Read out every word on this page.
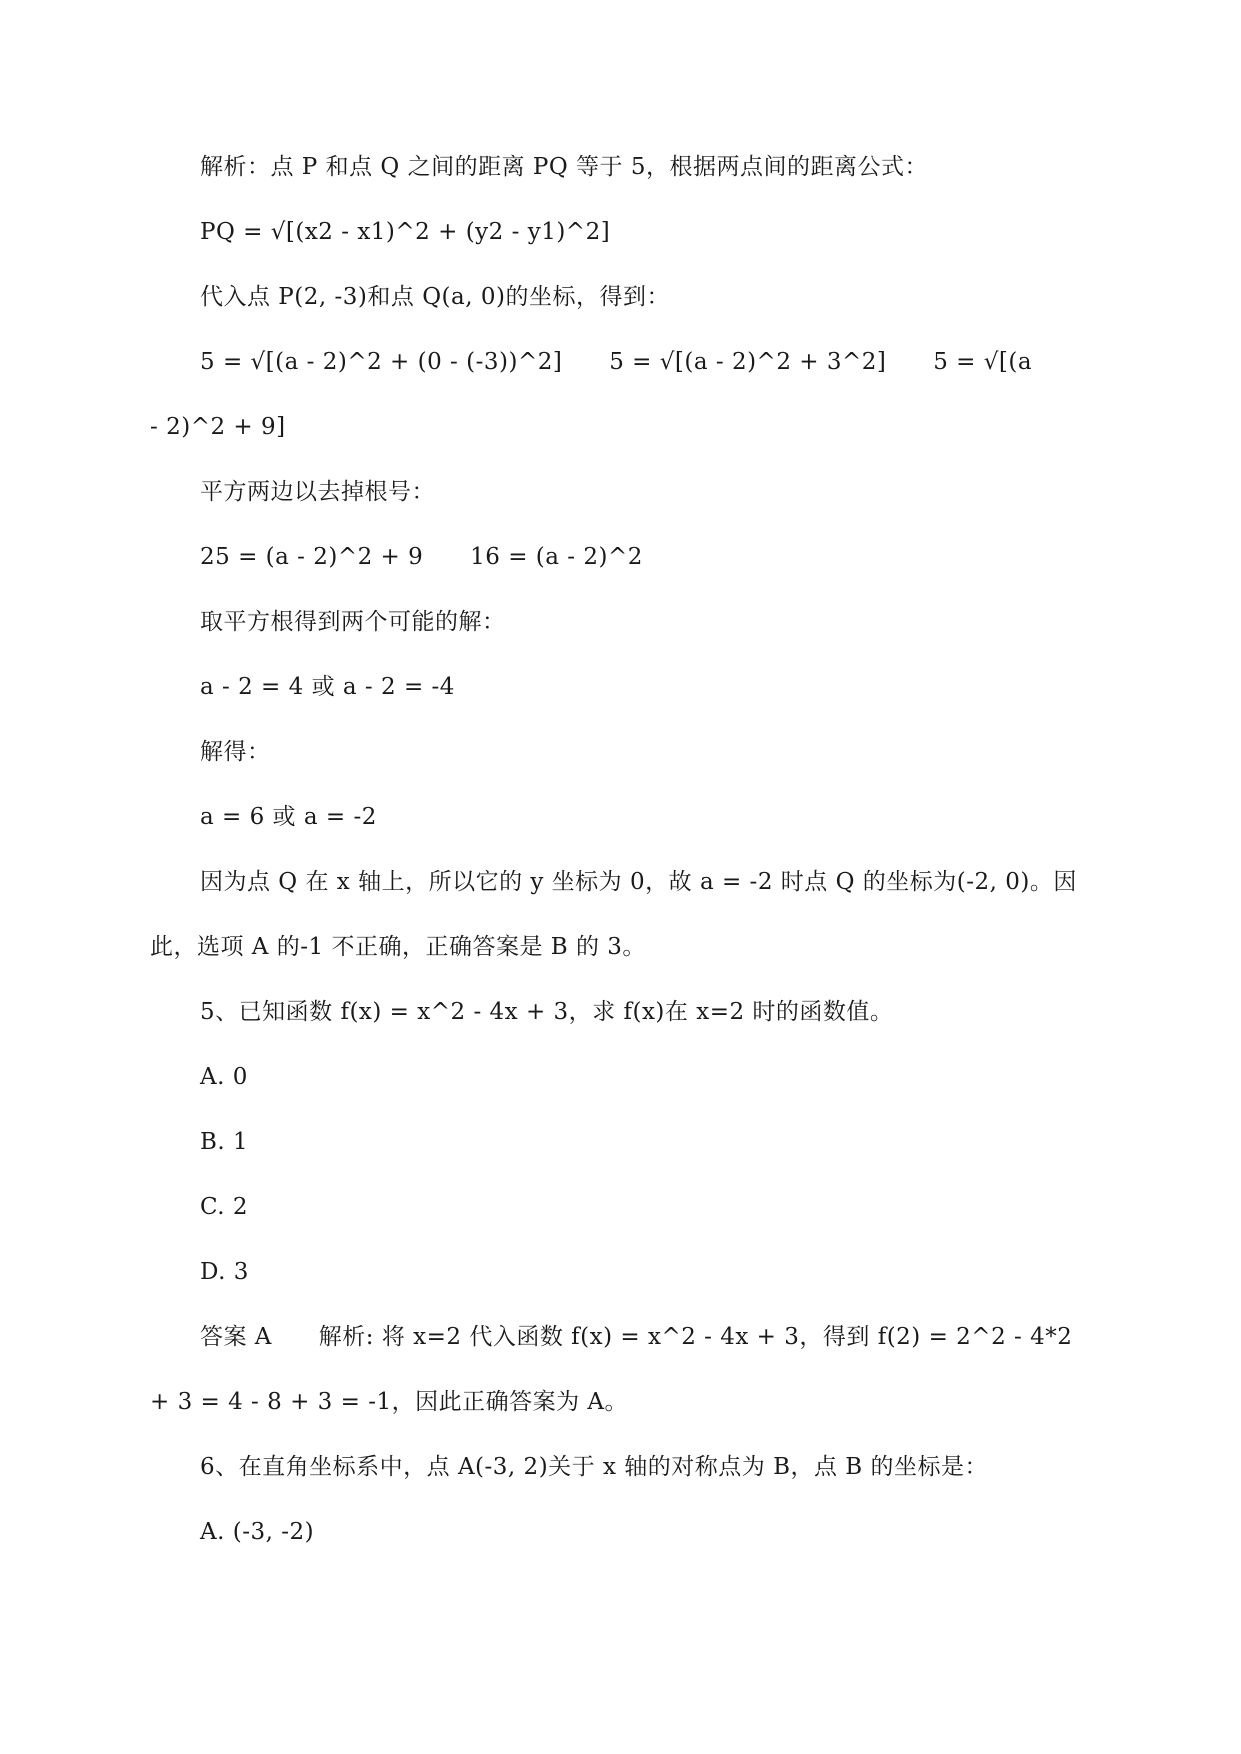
解析：点 P 和点 Q 之间的距离 PQ 等于 5，根据两点间的距离公式：
PQ = √[(x2 - x1)^2 + (y2 - y1)^2]
代入点 P(2, -3)和点 Q(a, 0)的坐标，得到：
5 = √[(a - 2)^2 + (0 - (-3))^2]      5 = √[(a - 2)^2 + 3^2]      5 = √[(a
- 2)^2 + 9]
平方两边以去掉根号：
25 = (a - 2)^2 + 9      16 = (a - 2)^2
取平方根得到两个可能的解：
a - 2 = 4 或 a - 2 = -4
解得：
a = 6 或 a = -2
因为点 Q 在 x 轴上，所以它的 y 坐标为 0，故 a = -2 时点 Q 的坐标为(-2, 0)。因
此，选项 A 的-1 不正确，正确答案是 B 的 3。
5、已知函数 f(x) = x^2 - 4x + 3，求 f(x)在 x=2 时的函数值。
A. 0
B. 1
C. 2
D. 3
答案 A      解析: 将 x=2 代入函数 f(x) = x^2 - 4x + 3，得到 f(2) = 2^2 - 4*2
+ 3 = 4 - 8 + 3 = -1，因此正确答案为 A。
6、在直角坐标系中，点 A(-3, 2)关于 x 轴的对称点为 B，点 B 的坐标是：
A. (-3, -2)
